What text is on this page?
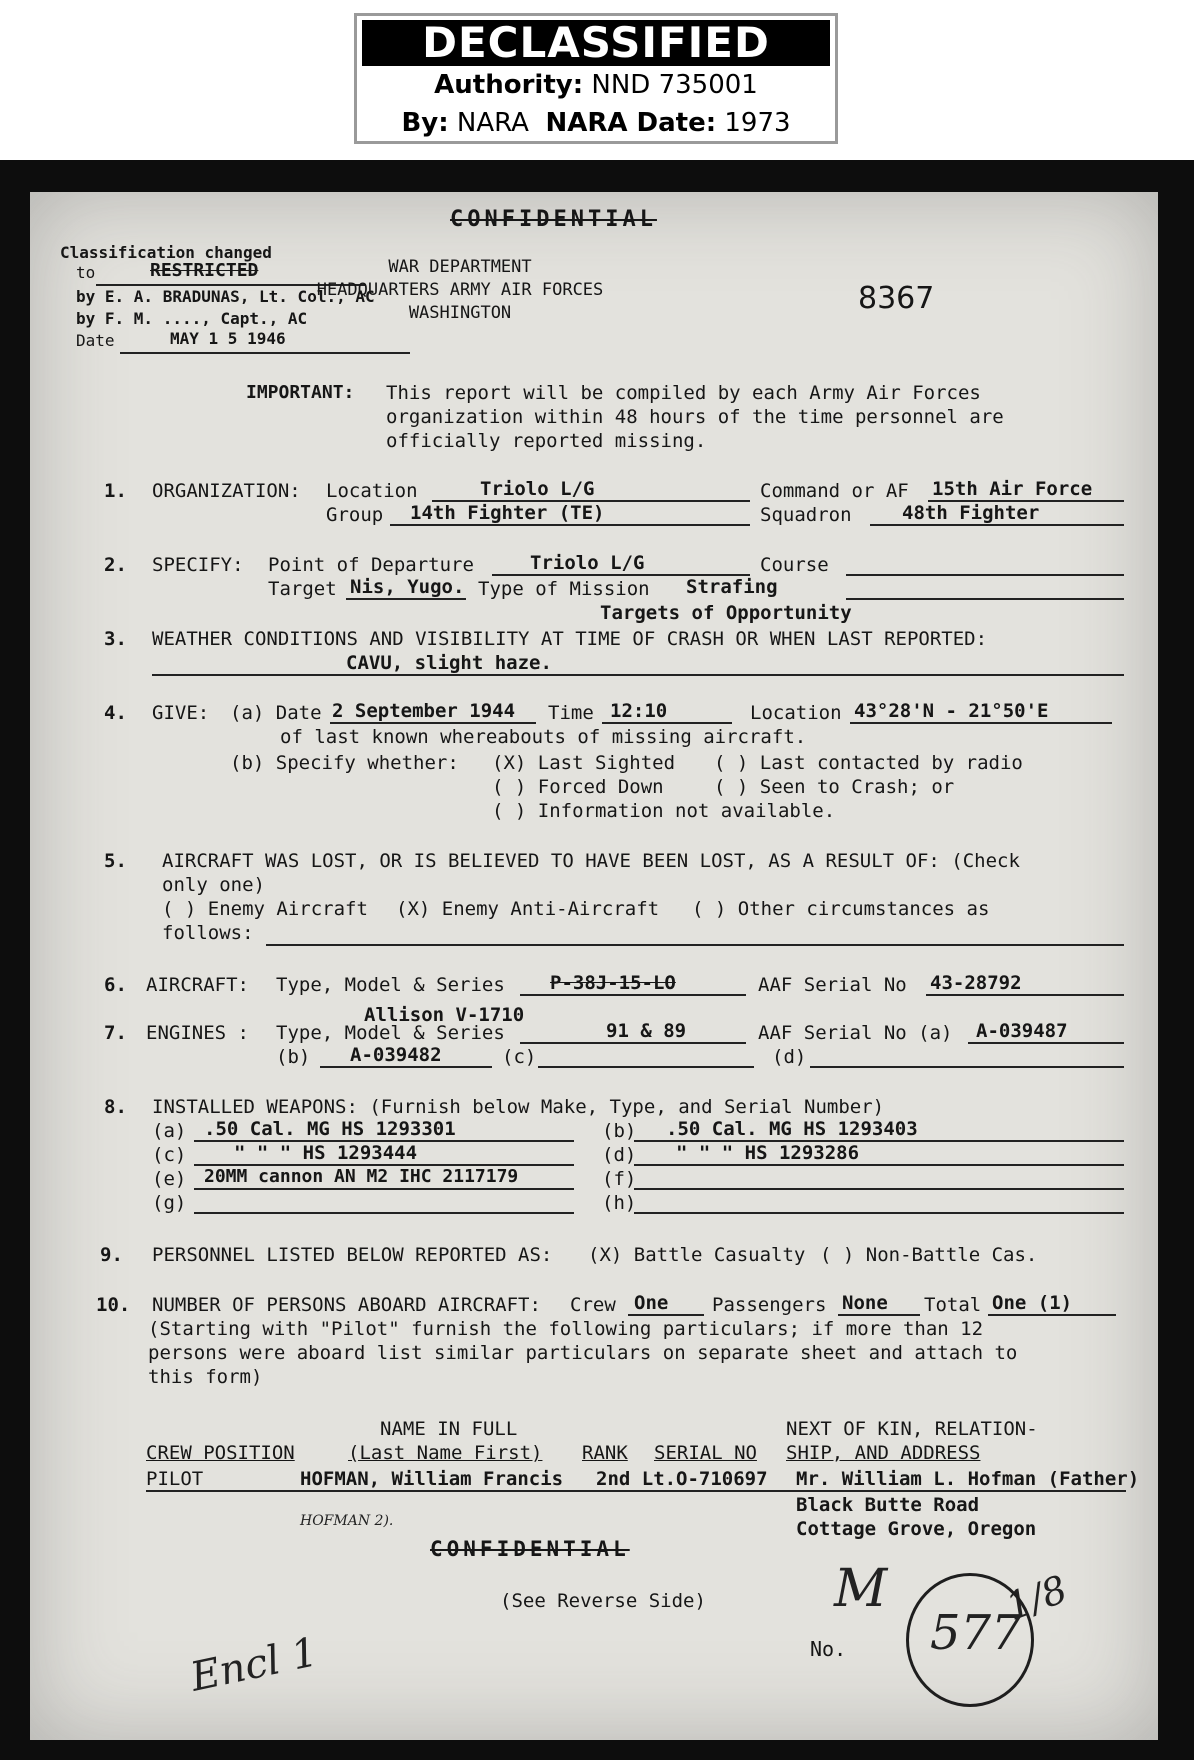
DECLASSIFIED
Authority: NND 735001
By: NARA NARA Date: 1973
CONFIDENTIAL
Classification changed
to	RESTRICTED
by E. A. BRADUNAS, Lt. Col., AC
by F. M. ...., Capt., AC
Date	MAY 1 5 1946
WAR DEPARTMENT
HEADQUARTERS ARMY AIR FORCES
WASHINGTON	8367
IMPORTANT: This report will be compiled by each Army Air Forces
organization within 48 hours of the time personnel are
officially reported missing.
1. ORGANIZATION: Location	Triolo L/G	Command or AF 15th Air Force
Group 14th Fighter (TE)	Squadron	48th Fighter
2. SPECIFY: Point of Departure	Triolo L/G	Course
Target Nis, Yugo. Type of Mission Strafing
Targets of Opportunity
3. WEATHER CONDITIONS AND VISIBILITY AT TIME OF CRASH OR WHEN LAST REPORTED:
CAVU, slight haze.
4. GIVE: (a) Date 2 September 1944 Time 12:10	Location 43°28'N - 21°50'E
of last known whereabouts of missing aircraft.
(b) Specify whether: (X) Last Sighted ( ) Last contacted by radio
( ) Forced Down	( ) Seen to Crash; or
( ) Information not available.
5. AIRCRAFT WAS LOST, OR IS BELIEVED TO HAVE BEEN LOST, AS A RESULT OF: (Check
only one)
( ) Enemy Aircraft (X) Enemy Anti-Aircraft ( ) Other circumstances as
follows:
6. AIRCRAFT: Type, Model & Series P-38J-15-LO	AAF Serial No 43-28792
Allison V-1710
7. ENGINES : Type, Model & Series	91 & 89	AAF Serial No (a) A-039487
(b) A-039482	(c)	(d)
8. INSTALLED WEAPONS: (Furnish below Make, Type, and Serial Number)
(a) .50 Cal. MG HS 1293301	(b) .50 Cal. MG HS 1293403
(c)	" " " HS 1293444	(d) " " " HS 1293286
(e) 20MM cannon AN M2 IHC 2117179	(f)
(g)	(h)
9. PERSONNEL LISTED BELOW REPORTED AS: (X) Battle Casualty ( ) Non-Battle Cas.
10. NUMBER OF PERSONS ABOARD AIRCRAFT: Crew One Passengers None Total One (1)
(Starting with "Pilot" furnish the following particulars; if more than 12
persons were aboard list similar particulars on separate sheet and attach to
this form)
NAME IN FULL	NEXT OF KIN, RELATION-
CREW POSITION	(Last Name First) RANK SERIAL NO SHIP, AND ADDRESS
PILOT	HOFMAN, William Francis 2nd Lt. O-710697 Mr. William L. Hofman (Father)
Black Butte Road
Cottage Grove, Oregon
HOFMAN 2).
CONFIDENTIAL
(See Reverse Side) M	1/8
No.
Encl 1	577
